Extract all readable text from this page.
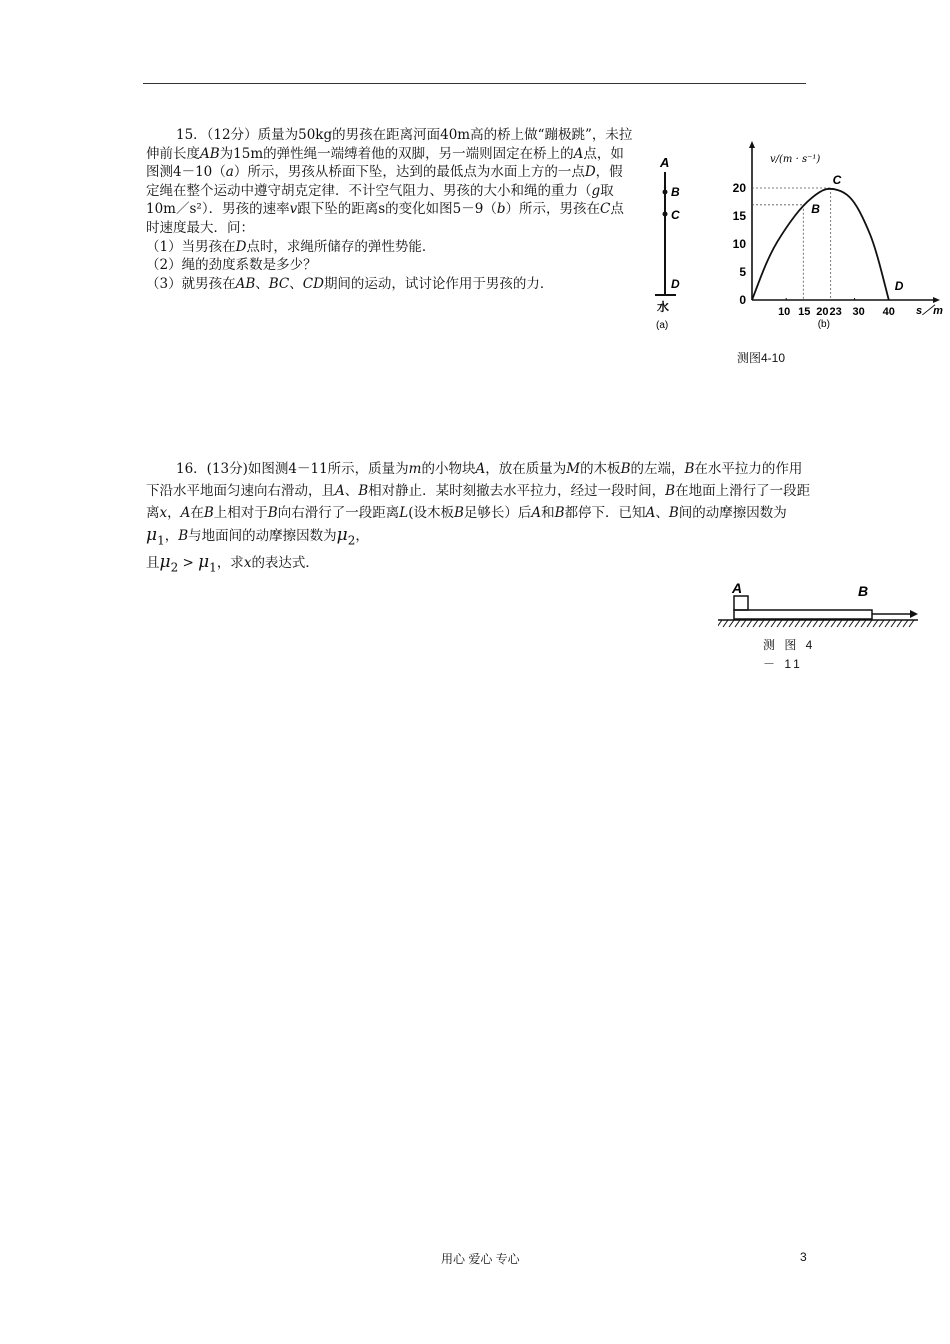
15．（12分）质量为50kg的男孩在距离河面40m高的桥上做“蹦极跳”，未拉伸前长度AB为15m的弹性绳一端缚着他的双脚，另一端则固定在桥上的A点，如图测4－10（a）所示，男孩从桥面下坠，达到的最低点为水面上方的一点D，假定绳在整个运动中遵守胡克定律．不计空气阻力、男孩的大小和绳的重力（g取10m／s²）．男孩的速率v跟下坠的距离s的变化如图5－9（b）所示，男孩在C点时速度最大．问：

（1）当男孩在D点时，求绳所储存的弹性势能．

（2）绳的劲度系数是多少？

（3）就男孩在AB、BC、CD期间的运动，试讨论作用于男孩的力．

A
B
C
D
水
(a)
0
5
10
15
20
10 15 20 23 30 40
v/(m · s⁻¹)
s／m
(b)
B
C
D
测图4-10

16．(13分)如图测4－11所示，质量为m的小物块A，放在质量为M的木板B的左端，B在水平拉力的作用下沿水平地面匀速向右滑动，且A、B相对静止．某时刻撤去水平拉力，经过一段时间，B在地面上滑行了一段距离x，A在B上相对于B向右滑行了一段距离L(设木板B足够长）后A和B都停下．已知A、B间的动摩擦因数为$\mu_1$，B与地面间的动摩擦因数为$\mu_2$，

且$\mu_2 > \mu_1$，求x的表达式．

A	B
测 图 4 － 11
用心 爱心 专心	3
